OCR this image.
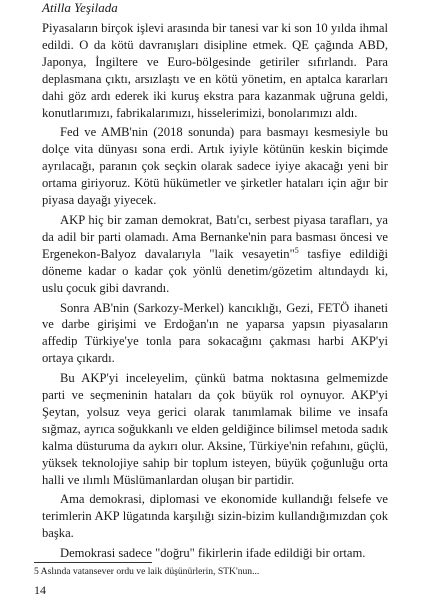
Atilla Yeşilada

Piyasaların birçok işlevi arasında bir tanesi var ki son 10 yılda ihmal edildi. O da kötü davranışları disipline etmek. QE çağında ABD, Japonya, İngiltere ve Euro-bölgesinde getiriler sıfırlandı. Para deplasmana çıktı, arsızlaştı ve en kötü yönetim, en aptalca kararları dahi göz ardı ederek iki kuruş ekstra para kazanmak uğruna geldi, konutlarımızı, fabrikalarımızı, hisselerimizi, bonolarımızı aldı.

Fed ve AMB'nin (2018 sonunda) para basmayı kesmesiyle bu dolçe vita dünyası sona erdi. Artık iyiyle kötünün keskin biçimde ayrılacağı, paranın çok seçkin olarak sadece iyiye akacağı yeni bir ortama giriyoruz. Kötü hükümetler ve şirketler hataları için ağır bir piyasa dayağı yiyecek.

AKP hiç bir zaman demokrat, Batı'cı, serbest piyasa tarafları, ya da adil bir parti olamadı. Ama Bernanke'nin para basması öncesi ve Ergenekon-Balyoz davalarıyla "laik vesayetin"$^5$ tasfiye edildiği döneme kadar o kadar çok yönlü denetim/gözetim altındaydı ki, uslu çocuk gibi davrandı.

Sonra AB'nin (Sarkozy-Merkel) kancıklığı, Gezi, FETÖ ihaneti ve darbe girişimi ve Erdoğan'ın ne yaparsa yapsın piyasaların affedip Türkiye'ye tonla para sokacağını çakması harbi AKP'yi ortaya çıkardı.

Bu AKP'yi inceleyelim, çünkü batma noktasına gelmemizde parti ve seçmeninin hataları da çok büyük rol oynuyor. AKP'yi Şeytan, yolsuz veya gerici olarak tanımlamak bilime ve insafa sığmaz, ayrıca soğukkanlı ve elden geldiğince bilimsel metoda sadık kalma düsturuma da aykırı olur. Aksine, Türkiye'nin refahını, güçlü, yüksek teknolojiye sahip bir toplum isteyen, büyük çoğunluğu orta halli ve ılımlı Müslümanlardan oluşan bir partidir.

Ama demokrasi, diplomasi ve ekonomide kullandığı felsefe ve terimlerin AKP lügatında karşılığı sizin-bizim kullandığımızdan çok başka.

Demokrasi sadece "doğru" fikirlerin ifade edildiği bir ortam.

5 Aslında vatansever ordu ve laik düşünürlerin, STK'nun...
14
